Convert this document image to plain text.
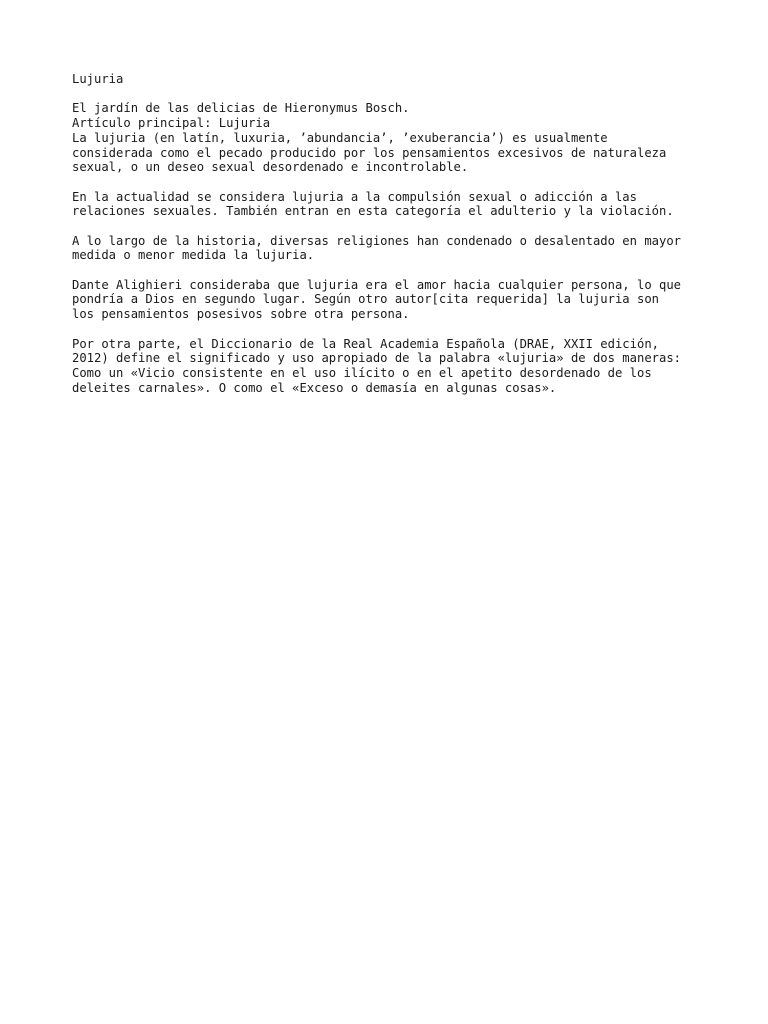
Lujuria
El jardín de las delicias de Hieronymus Bosch.
Artículo principal: Lujuria
La lujuria (en latín, luxuria, ’abundancia’, ’exuberancia’) es usualmente
considerada como el pecado producido por los pensamientos excesivos de naturaleza
sexual, o un deseo sexual desordenado e incontrolable.
En la actualidad se considera lujuria a la compulsión sexual o adicción a las
relaciones sexuales. También entran en esta categoría el adulterio y la violación.
A lo largo de la historia, diversas religiones han condenado o desalentado en mayor
medida o menor medida la lujuria.
Dante Alighieri consideraba que lujuria era el amor hacia cualquier persona, lo que
pondría a Dios en segundo lugar. Según otro autor[cita requerida] la lujuria son
los pensamientos posesivos sobre otra persona.
Por otra parte, el Diccionario de la Real Academia Española (DRAE, XXII edición,
2012) define el significado y uso apropiado de la palabra «lujuria» de dos maneras:
Como un «Vicio consistente en el uso ilícito o en el apetito desordenado de los
deleites carnales». O como el «Exceso o demasía en algunas cosas».
